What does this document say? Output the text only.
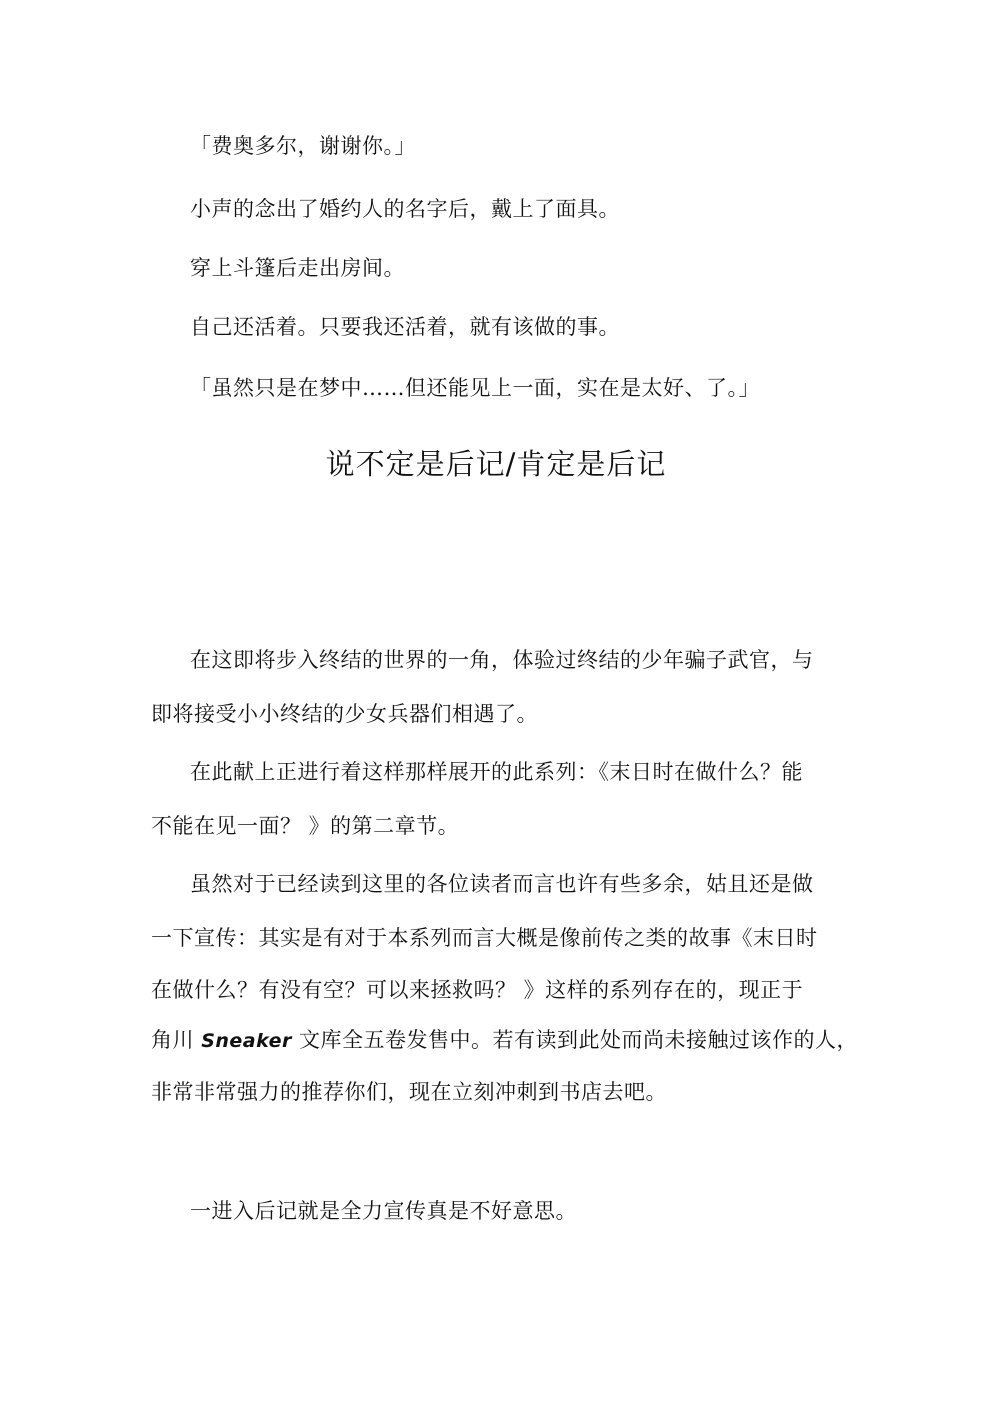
「费奥多尔，谢谢你。」
小声的念出了婚约人的名字后，戴上了面具。
穿上斗篷后走出房间。
自己还活着。只要我还活着，就有该做的事。
「虽然只是在梦中……但还能见上一面，实在是太好、了。」
说不定是后记/肯定是后记
在这即将步入终结的世界的一角，体验过终结的少年骗子武官，与
即将接受小小终结的少女兵器们相遇了。
在此献上正进行着这样那样展开的此系列：《末日时在做什么？能
不能在见一面？ 》的第二章节。
虽然对于已经读到这里的各位读者而言也许有些多余，姑且还是做
一下宣传：其实是有对于本系列而言大概是像前传之类的故事《末日时
在做什么？有没有空？可以来拯救吗？ 》这样的系列存在的，现正于
角川 Sneaker 文库全五卷发售中。若有读到此处而尚未接触过该作的人，
非常非常强力的推荐你们，现在立刻冲刺到书店去吧。
一进入后记就是全力宣传真是不好意思。
